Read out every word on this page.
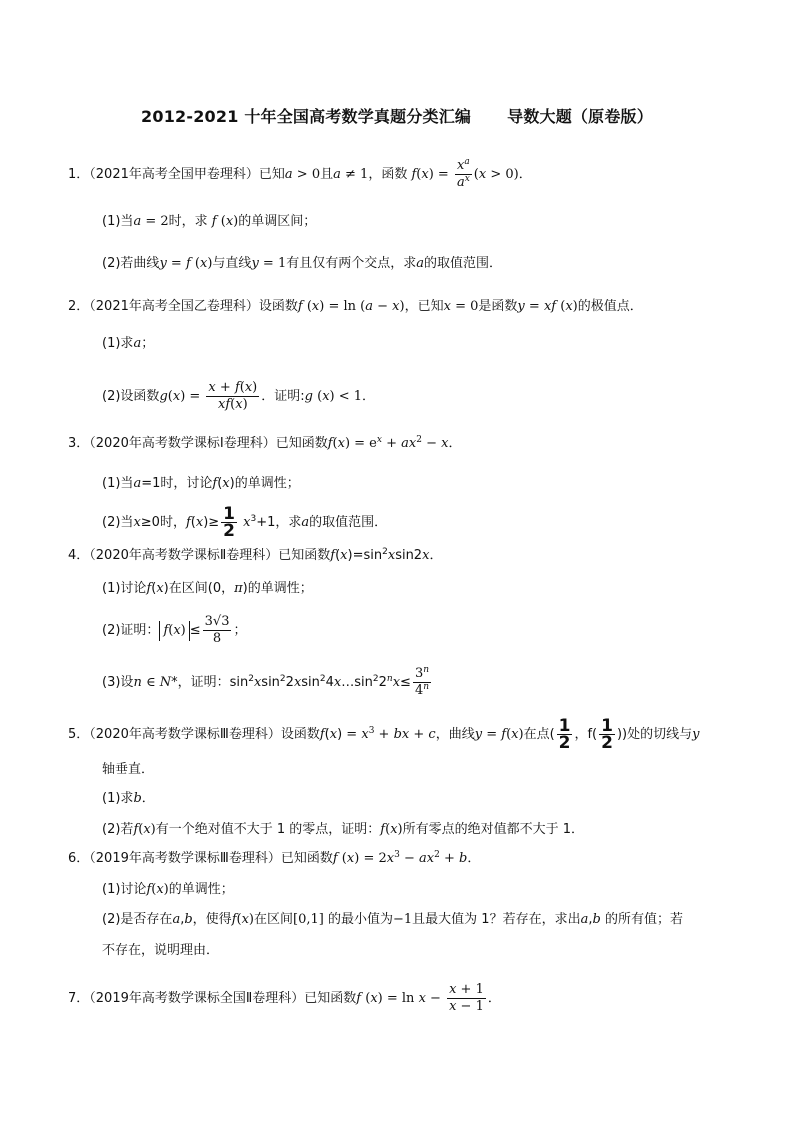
2012-2021 十年全国高考数学真题分类汇编 导数大题（原卷版）
1．（2021年高考全国甲卷理科）已知a > 0且a ≠ 1，函数 $f(x) = \frac{x^a}{a^x} (x > 0)$．
(1)当a = 2时，求 f (x)的单调区间；
(2)若曲线y = f (x)与直线y = 1有且仅有两个交点，求a的取值范围．
2．（2021年高考全国乙卷理科）设函数f (x) = ln (a − x)，已知x = 0是函数y = xf (x)的极值点．
(1)求a；
(2)设函数$g(x) = \frac{x + f(x)}{xf(x)}$ ．证明:g (x) < 1．
3．（2020年高考数学课标Ⅰ卷理科）已知函数$f(x) = e^x + ax^2 - x$．
(1)当a=1时，讨论f(x)的单调性；
(2)当x≥0时，$f(x)\ge \frac{1}{2} x^3+1$，求a的取值范围．
4．（2020年高考数学课标Ⅱ卷理科）已知函数$f(x)=\sin^2xsin2x$．
(1)讨论f(x)在区间(0，π)的单调性；
(2)证明： $f(x) \le \frac{3√3}{8}$ ；
(3)设n ∈ N*，证明：$\sin^2xsin^22xsin^24x\dots\sin^22^nx\le \frac{3^n}{4^n}$
5．（2020年高考数学课标Ⅲ卷理科）设函数$f(x) = x^3$ + bx + c，曲线y = f(x)在点( $\frac{1}{2}$ ，$f( \frac{1}{2}$ ))处的切线与y
轴垂直．
(1)求b．
(2)若f(x)有一个绝对值不大于 1 的零点，证明：f(x)所有零点的绝对值都不大于 1．
6．（2019年高考数学课标Ⅲ卷理科）已知函数f $(x) = 2x^3 - ax^2 + b$．
(1)讨论f(x)的单调性；
(2)是否存在a,b，使得f(x)在区间[0,1] 的最小值为−1且最大值为 1？若存在，求出a,b 的所有值；若
不存在，说明理由．
7．（2019年高考数学课标全国Ⅱ卷理科）已知函数f $(x) = \ln x - \frac{x + 1}{x - 1}$ ．
